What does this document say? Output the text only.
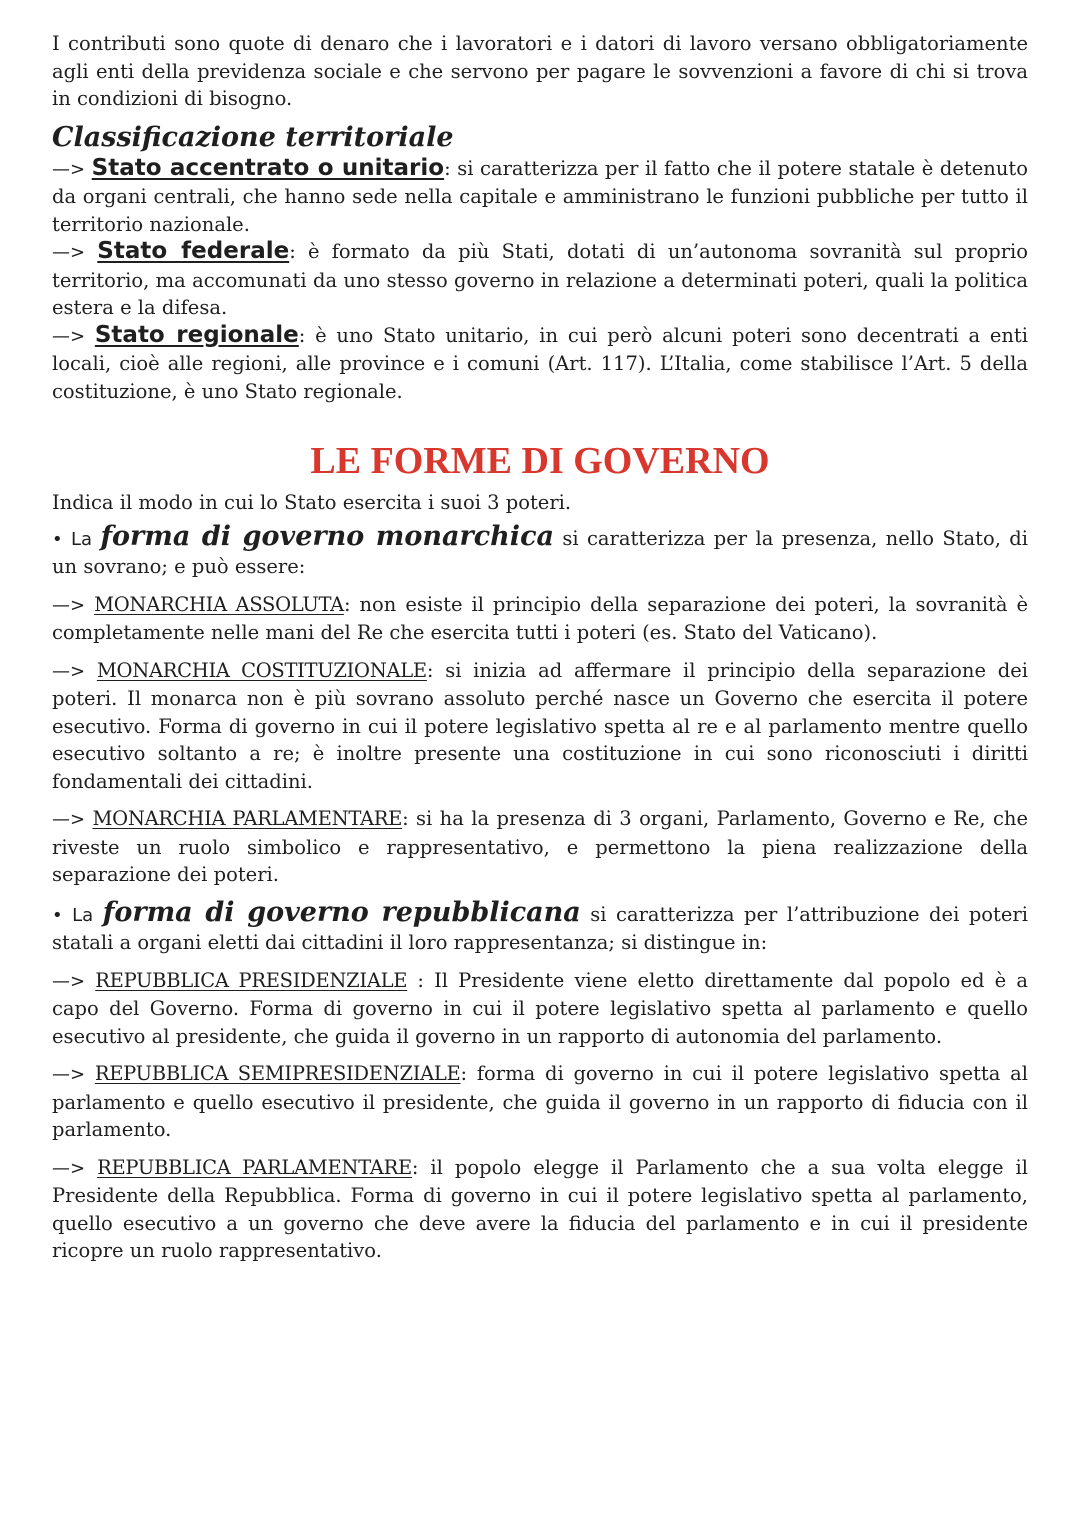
I contributi sono quote di denaro che i lavoratori e i datori di lavoro versano obbligatoriamente agli enti della previdenza sociale e che servono per pagare le sovvenzioni a favore di chi si trova in condizioni di bisogno.

Classificazione territoriale

—> Stato accentrato o unitario: si caratterizza per il fatto che il potere statale è detenuto da organi centrali, che hanno sede nella capitale e amministrano le funzioni pubbliche per tutto il territorio nazionale.

—> Stato federale: è formato da più Stati, dotati di un’autonoma sovranità sul proprio territorio, ma accomunati da uno stesso governo in relazione a determinati poteri, quali la politica estera e la difesa.

—> Stato regionale: è uno Stato unitario, in cui però alcuni poteri sono decentrati a enti locali, cioè alle regioni, alle province e i comuni (Art. 117). L’Italia, come stabilisce l’Art. 5 della costituzione, è uno Stato regionale.

LE FORME DI GOVERNO

Indica il modo in cui lo Stato esercita i suoi 3 poteri.

• La forma di governo monarchica si caratterizza per la presenza, nello Stato, di un sovrano; e può essere:

—> MONARCHIA ASSOLUTA: non esiste il principio della separazione dei poteri, la sovranità è completamente nelle mani del Re che esercita tutti i poteri (es. Stato del Vaticano).

—> MONARCHIA COSTITUZIONALE: si inizia ad affermare il principio della separazione dei poteri. Il monarca non è più sovrano assoluto perché nasce un Governo che esercita il potere esecutivo. Forma di governo in cui il potere legislativo spetta al re e al parlamento mentre quello esecutivo soltanto a re; è inoltre presente una costituzione in cui sono riconosciuti i diritti fondamentali dei cittadini.

—> MONARCHIA PARLAMENTARE: si ha la presenza di 3 organi, Parlamento, Governo e Re, che riveste un ruolo simbolico e rappresentativo, e permettono la piena realizzazione della separazione dei poteri.

• La forma di governo repubblicana si caratterizza per l’attribuzione dei poteri statali a organi eletti dai cittadini il loro rappresentanza; si distingue in:

—> REPUBBLICA PRESIDENZIALE : Il Presidente viene eletto direttamente dal popolo ed è a capo del Governo. Forma di governo in cui il potere legislativo spetta al parlamento e quello esecutivo al presidente, che guida il governo in un rapporto di autonomia del parlamento.

—> REPUBBLICA SEMIPRESIDENZIALE: forma di governo in cui il potere legislativo spetta al parlamento e quello esecutivo il presidente, che guida il governo in un rapporto di fiducia con il parlamento.

—> REPUBBLICA PARLAMENTARE: il popolo elegge il Parlamento che a sua volta elegge il Presidente della Repubblica. Forma di governo in cui il potere legislativo spetta al parlamento, quello esecutivo a un governo che deve avere la fiducia del parlamento e in cui il presidente ricopre un ruolo rappresentativo.
